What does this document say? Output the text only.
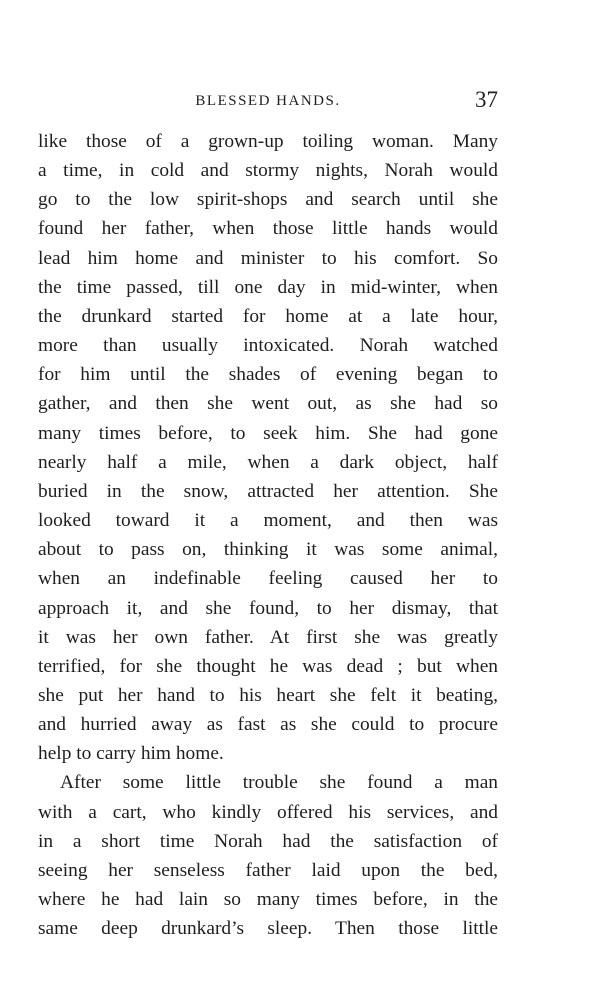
BLESSED HANDS.	37
like those of a grown-up toiling woman. Many
a time, in cold and stormy nights, Norah would
go to the low spirit-shops and search until she
found her father, when those little hands would
lead him home and minister to his comfort. So
the time passed, till one day in mid-winter, when
the drunkard started for home at a late hour,
more than usually intoxicated. Norah watched
for him until the shades of evening began to
gather, and then she went out, as she had so
many times before, to seek him. She had gone
nearly half a mile, when a dark object, half
buried in the snow, attracted her attention. She
looked toward it a moment, and then was
about to pass on, thinking it was some animal,
when an indefinable feeling caused her to
approach it, and she found, to her dismay, that
it was her own father. At first she was greatly
terrified, for she thought he was dead ; but when
she put her hand to his heart she felt it beating,
and hurried away as fast as she could to procure
help to carry him home.
After some little trouble she found a man
with a cart, who kindly offered his services, and
in a short time Norah had the satisfaction of
seeing her senseless father laid upon the bed,
where he had lain so many times before, in the
same deep drunkard’s sleep. Then those little
